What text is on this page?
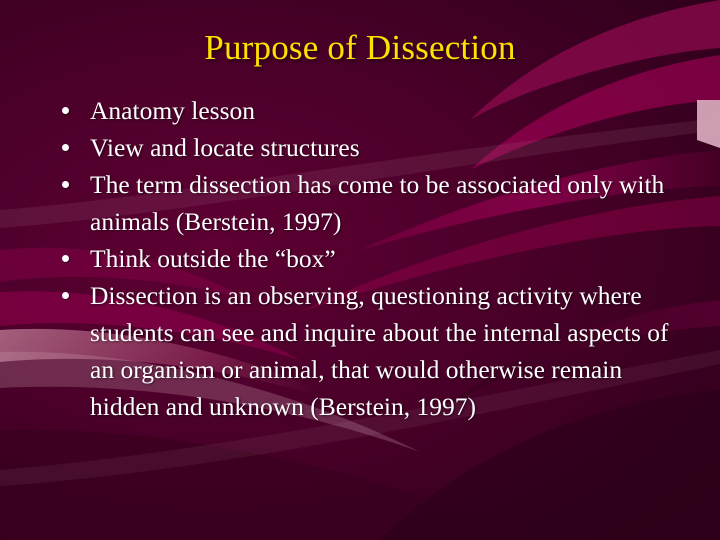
Purpose of Dissection
Anatomy lesson
View and locate structures
The term dissection has come to be associated only with animals (Berstein, 1997)
Think outside the “box”
Dissection is an observing, questioning activity where students can see and inquire about the internal aspects of an organism or animal, that would otherwise remain hidden and unknown (Berstein, 1997)
